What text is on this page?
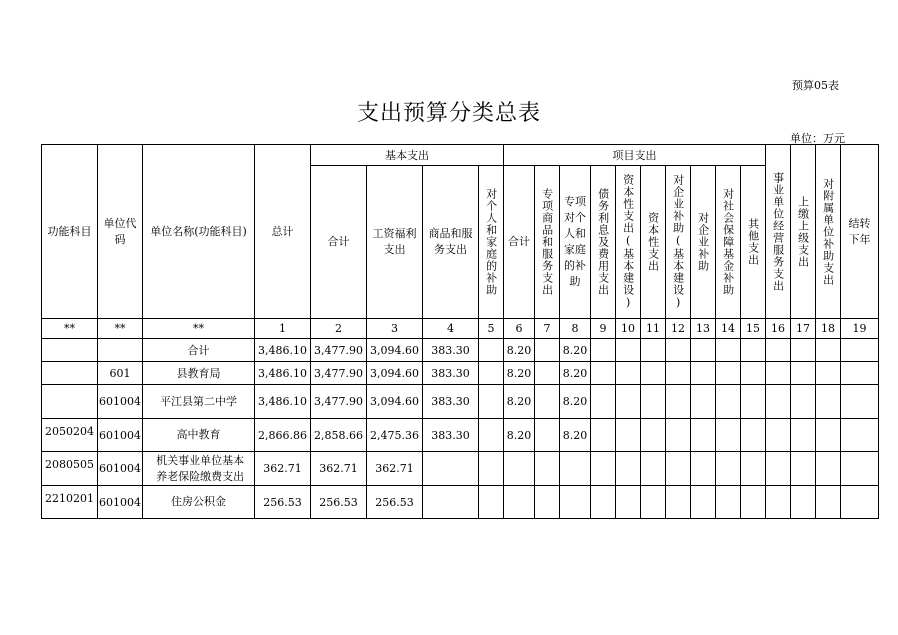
预算05表
支出预算分类总表
单位：万元
功能科目	单位代码	单位名称(功能科目)	总计	基本支出				项目支出										事业单位经营服务支出	上缴上级支出	对附属单位补助支出	结转下年

				合计	工资福利支出	商品和服务支出	对个人和家庭的补助	合计	专项商品和服务支出	专项对个人和家庭的补助	债务利息及费用支出	资本性支出(基本建设)	资本性支出	对企业补助(基本建设)	对企业补助	对社会保障基金补助	其他支出				

**	**	**	1	2	3	4	5	6	7	8	9	10	11	12	13	14	15	16	17	18	19
		合计	3,486.10	3,477.90	3,094.60	383.30		8.20		8.20											
	601	县教育局	3,486.10	3,477.90	3,094.60	383.30		8.20		8.20											
	601004	平江县第二中学	3,486.10	3,477.90	3,094.60	383.30		8.20		8.20											
2050204	601004	高中教育	2,866.86	2,858.66	2,475.36	383.30		8.20		8.20											
2080505	601004	机关事业单位基本养老保险缴费支出	362.71	362.71	362.71																
2210201	601004	住房公积金	256.53	256.53	256.53																
